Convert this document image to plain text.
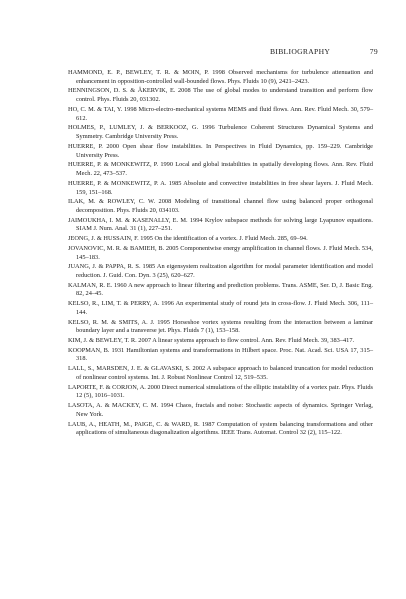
BIBLIOGRAPHY	79

HAMMOND, E. P., BEWLEY, T. R. & MOIN, P. 1998 Observed mechanisms for turbulence attenuation and enhancement in opposition-controlled wall-bounded flows. Phys. Fluids 10 (9), 2421–2423.

HENNINGSON, D. S. & ÅKERVIK, E. 2008 The use of global modes to understand transition and perform flow control. Phys. Fluids 20, 031302.

HO, C. M. & TAI, Y. 1998 Micro-electro-mechanical systems MEMS and fluid flows. Ann. Rev. Fluid Mech. 30, 579–612.

HOLMES, P., LUMLEY, J. & BERKOOZ, G. 1996 Turbulence Coherent Structures Dynamical Systems and Symmetry. Cambridge University Press.

HUERRE, P. 2000 Open shear flow instabilities. In Perspectives in Fluid Dynamics, pp. 159–229. Cambridge University Press.

HUERRE, P. & MONKEWITZ, P. 1990 Local and global instabilities in spatially developing flows. Ann. Rev. Fluid Mech. 22, 473–537.

HUERRE, P. & MONKEWITZ, P. A. 1985 Absolute and convective instabilities in free shear layers. J. Fluid Mech. 159, 151–168.

ILAK, M. & ROWLEY, C. W. 2008 Modeling of transitional channel flow using balanced proper orthogonal decomposition. Phys. Fluids 20, 034103.

JAIMOUKHA, I. M. & KASENALLY, E. M. 1994 Krylov subspace methods for solving large Lyapunov equations. SIAM J. Num. Anal. 31 (1), 227–251.

JEONG, J. & HUSSAIN, F. 1995 On the identification of a vortex. J. Fluid Mech. 285, 69–94.

JOVANOVIC, M. R. & BAMIEH, B. 2005 Componentwise energy amplification in channel flows. J. Fluid Mech. 534, 145–183.

JUANG, J. & PAPPA, R. S. 1985 An eigensystem realization algorithm for modal parameter identification and model reduction. J. Guid. Con. Dyn. 3 (25), 620–627.

KALMAN, R. E. 1960 A new approach to linear filtering and prediction problems. Trans. ASME, Ser. D, J. Basic Eng. 82, 24–45.

KELSO, R., LIM, T. & PERRY, A. 1996 An experimental study of round jets in cross-flow. J. Fluid Mech. 306, 111–144.

KELSO, R. M. & SMITS, A. J. 1995 Horseshoe vortex systems resulting from the interaction between a laminar boundary layer and a transverse jet. Phys. Fluids 7 (1), 153–158.

KIM, J. & BEWLEY, T. R. 2007 A linear systems approach to flow control. Ann. Rev. Fluid Mech. 39, 383–417.

KOOPMAN, B. 1931 Hamiltonian systems and transformations in Hilbert space. Proc. Nat. Acad. Sci. USA 17, 315–318.

LALL, S., MARSDEN, J. E. & GLAVASKI, S. 2002 A subspace approach to balanced truncation for model reduction of nonlinear control systems. Int. J. Robust Nonlinear Control 12, 519–535.

LAPORTE, F. & CORJON, A. 2000 Direct numerical simulations of the elliptic instability of a vortex pair. Phys. Fluids 12 (5), 1016–1031.

LASOTA, A. & MACKEY, C. M. 1994 Chaos, fractals and noise: Stochastic aspects of dynamics. Springer Verlag, New York.

LAUB, A., HEATH, M., PAIGE, C. & WARD, R. 1987 Computation of system balancing transformations and other applications of simultaneous diagonalization algorithms. IEEE Trans. Automat. Control 32 (2), 115–122.
